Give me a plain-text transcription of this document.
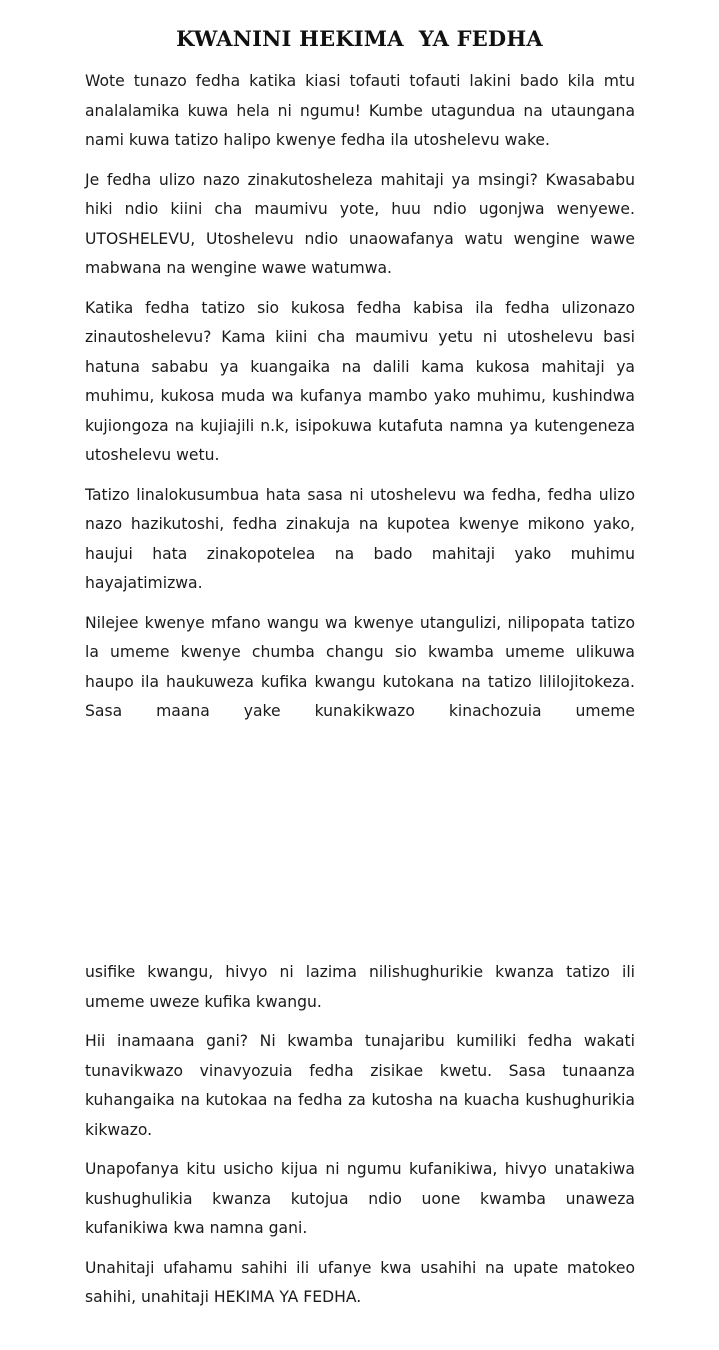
KWANINI HEKIMA  YA FEDHA

Wote tunazo fedha katika kiasi tofauti tofauti lakini bado kila mtu analalamika kuwa hela ni ngumu! Kumbe utagundua na utaungana nami kuwa tatizo halipo kwenye fedha ila utoshelevu wake.

Je fedha ulizo nazo zinakutosheleza mahitaji ya msingi? Kwasababu hiki ndio kiini cha maumivu yote, huu ndio ugonjwa wenyewe. UTOSHELEVU, Utoshelevu ndio unaowafanya watu wengine wawe mabwana na wengine wawe watumwa.

Katika fedha tatizo sio kukosa fedha kabisa ila fedha ulizonazo zinautoshelevu? Kama kiini cha maumivu yetu ni utoshelevu basi hatuna sababu ya kuangaika na dalili kama kukosa mahitaji ya muhimu, kukosa muda wa kufanya mambo yako muhimu, kushindwa kujiongoza na kujiajili n.k, isipokuwa kutafuta namna ya kutengeneza utoshelevu wetu.

Tatizo linalokusumbua hata sasa ni utoshelevu wa fedha, fedha ulizo nazo hazikutoshi, fedha zinakuja na kupotea kwenye mikono yako, haujui hata zinakopotelea na bado mahitaji yako muhimu hayajatimizwa.

Nilejee kwenye mfano wangu wa kwenye utangulizi, nilipopata tatizo la umeme kwenye chumba changu sio kwamba umeme ulikuwa haupo ila haukuweza kufika kwangu kutokana na tatizo lililojitokeza. Sasa maana yake kunakikwazo kinachozuia umeme

usifike kwangu, hivyo ni lazima nilishughurikie kwanza tatizo ili umeme uweze kufika kwangu.

Hii inamaana gani? Ni kwamba tunajaribu kumiliki fedha wakati tunavikwazo vinavyozuia fedha zisikae kwetu. Sasa tunaanza kuhangaika na kutokaa na fedha za kutosha na kuacha kushughurikia kikwazo.

Unapofanya kitu usicho kijua ni ngumu kufanikiwa, hivyo unatakiwa kushughulikia kwanza kutojua ndio uone kwamba unaweza kufanikiwa kwa namna gani.

Unahitaji ufahamu sahihi ili ufanye kwa usahihi na upate matokeo sahihi, unahitaji HEKIMA YA FEDHA.
